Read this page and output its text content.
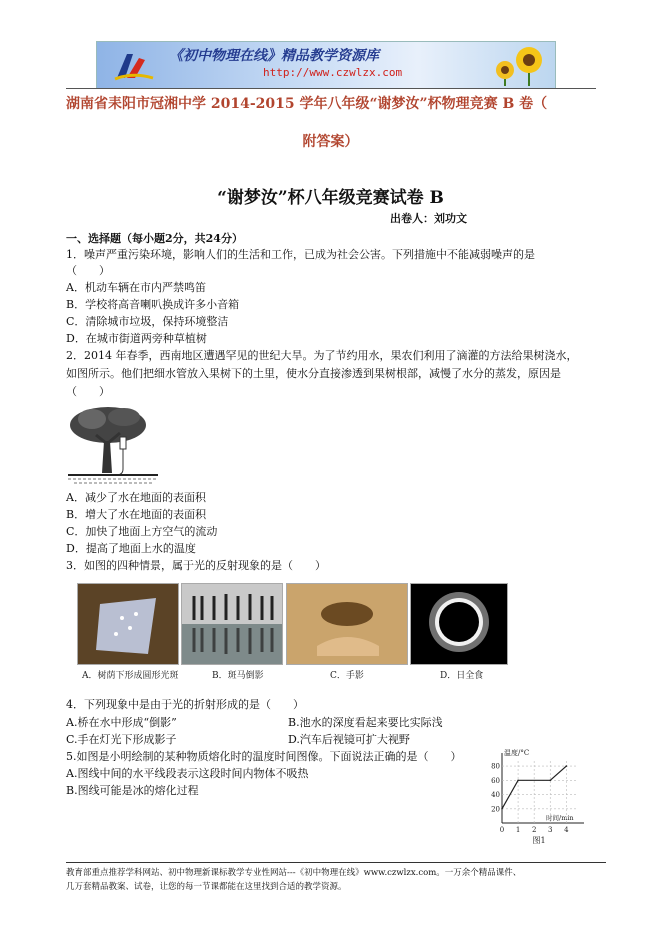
《初中物理在线》精品教学资源库
http://www.czwlzx.com
湖南省耒阳市冠湘中学 2014-2015 学年八年级“谢梦汝”杯物理竞赛 B 卷（
附答案）
“谢梦汝”杯八年级竞赛试卷 B
出卷人：刘功文
一、选择题（每小题2分，共24分）
1．噪声严重污染环境，影响人们的生活和工作，已成为社会公害。下列措施中不能减弱噪声的是
（　　）
A．机动车辆在市内严禁鸣笛
B．学校将高音喇叭换成许多小音箱
C．清除城市垃圾，保持环境整洁
D．在城市街道两旁种草植树
2．2014 年春季，西南地区遭遇罕见的世纪大旱。为了节约用水，果农们利用了滴灌的方法给果树浇水，
如图所示。他们把细水管放入果树下的土里，使水分直接渗透到果树根部，减慢了水分的蒸发，原因是
（　　）
A．减少了水在地面的表面积
B．增大了水在地面的表面积
C．加快了地面上方空气的流动
D．提高了地面上水的温度
3．如图的四种情景，属于光的反射现象的是（　　）
A．树荫下形成圆形光斑	B．斑马倒影	C．手影	D．日全食
4．下列现象中是由于光的折射形成的是（　　）
A.桥在水中形成“倒影”	B.池水的深度看起来要比实际浅
C.手在灯光下形成影子	D.汽车后视镜可扩大视野
5.如图是小明绘制的某种物质熔化时的温度时间图像。下面说法正确的是（　　）
A.图线中间的水平线段表示这段时间内物体不吸热
B.图线可能是冰的熔化过程
温度/°C
时间/min
20
40
60
80
0 1 2 3 4
图1
教育部重点推荐学科网站、初中物理新课标教学专业性网站---《初中物理在线》www.czwlzx.com。一万余个精品课件、
几万套精品教案、试卷，让您的每一节课都能在这里找到合适的教学资源。
